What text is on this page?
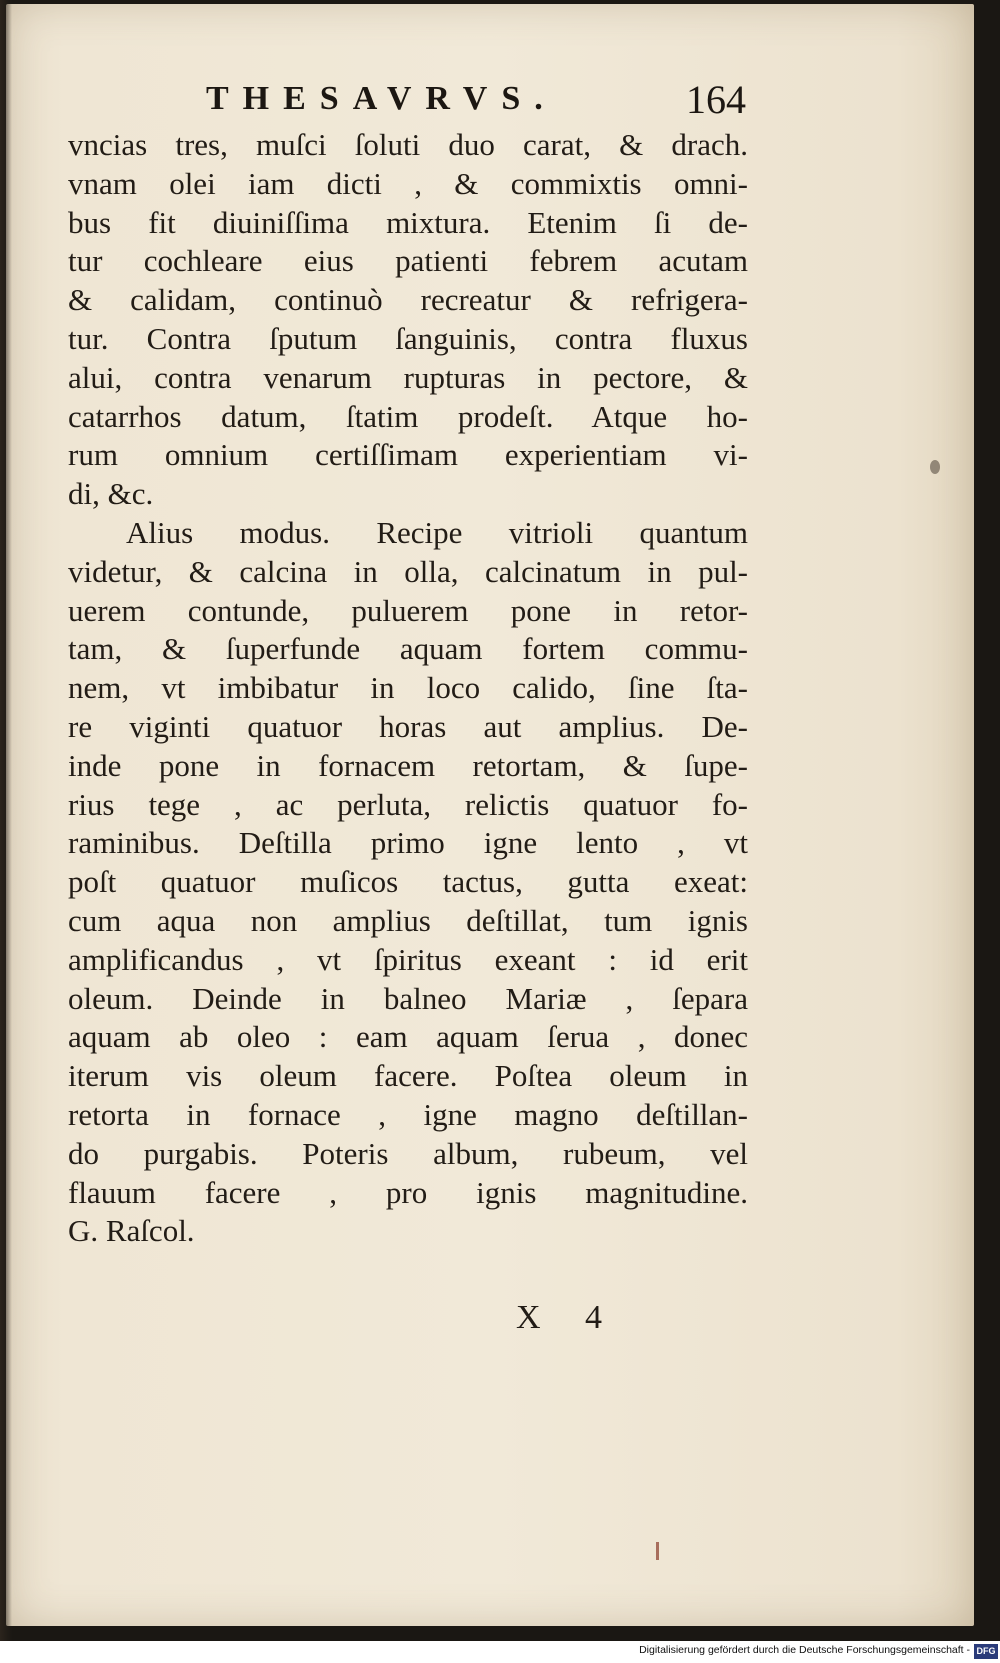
THESAVRVS.	164
vncias tres, muſci ſoluti duo carat, & drach.
vnam olei iam dicti , & commixtis omni-
bus fit diuiniſſima mixtura. Etenim ſi de-
tur cochleare eius patienti febrem acutam
& calidam, continuò recreatur & refrigera-
tur. Contra ſputum ſanguinis, contra fluxus
alui, contra venarum rupturas in pectore, &
catarrhos datum, ſtatim prodeſt. Atque ho-
rum omnium certiſſimam experientiam vi-
di, &c.
Alius modus. Recipe vitrioli quantum
videtur, & calcina in olla, calcinatum in pul-
uerem contunde, puluerem pone in retor-
tam, & ſuperfunde aquam fortem commu-
nem, vt imbibatur in loco calido, ſine ſta-
re viginti quatuor horas aut amplius. De-
inde pone in fornacem retortam, & ſupe-
rius tege , ac perluta, relictis quatuor fo-
raminibus. Deſtilla primo igne lento , vt
poſt quatuor muſicos tactus, gutta exeat:
cum aqua non amplius deſtillat, tum ignis
amplificandus , vt ſpiritus exeant : id erit
oleum. Deinde in balneo Mariæ , ſepara
aquam ab oleo : eam aquam ſerua , donec
iterum vis oleum facere. Poſtea oleum in
retorta in fornace , igne magno deſtillan-
do purgabis. Poteris album, rubeum, vel
flauum facere , pro ignis magnitudine.
G. Raſcol.
X 4
Digitalisierung gefördert durch die Deutsche Forschungsgemeinschaft - DFG
